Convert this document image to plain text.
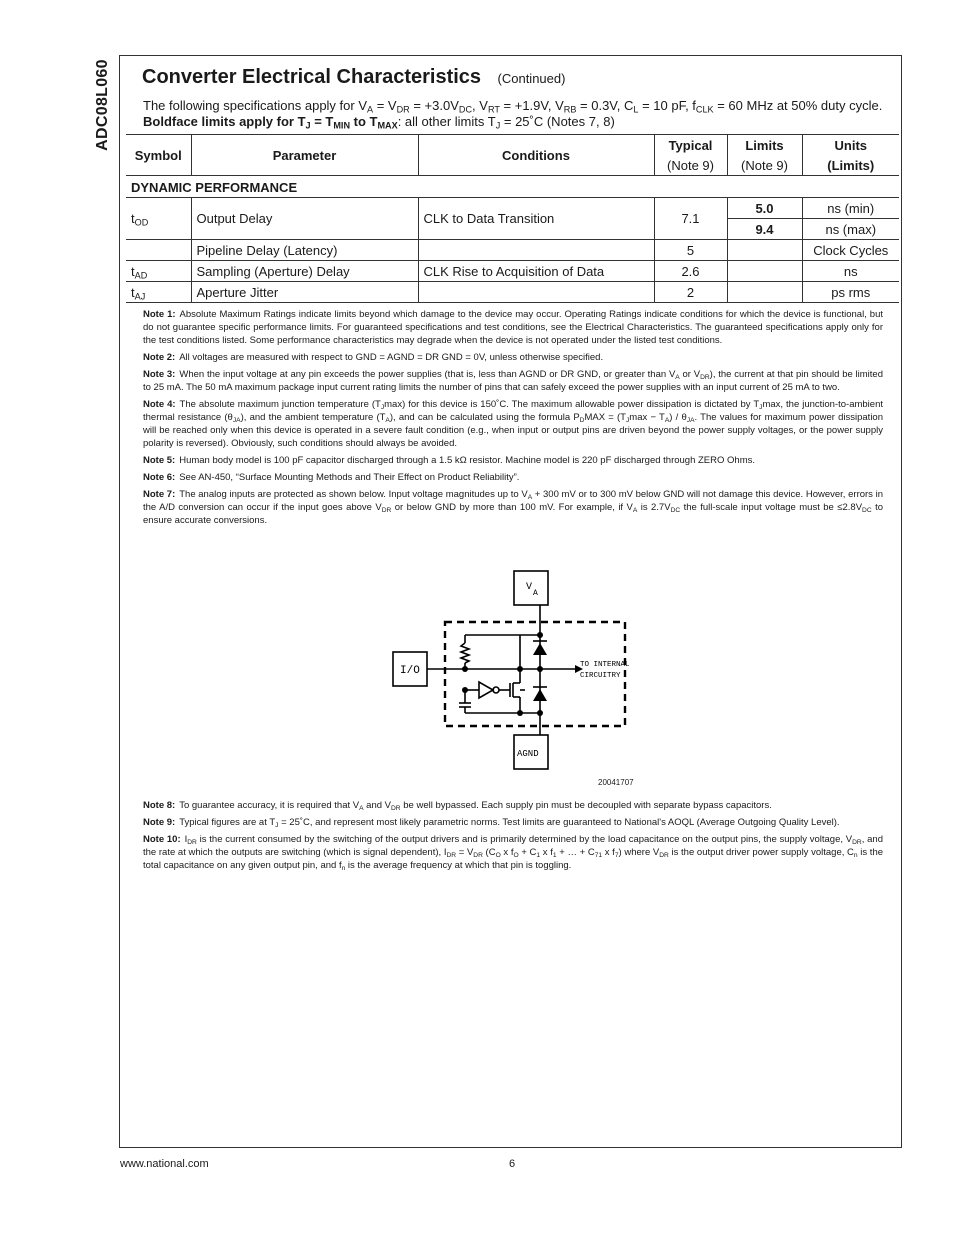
ADC08L060 Converter Electrical Characteristics (Continued)
The following specifications apply for $V_A = V_{DR} = +3.0V_{DC}$, $V_{RT} = +1.9V$, $V_{RB} = 0.3V$, $C_L = 10$ pF, $f_{CLK} = 60$ MHz at 50% duty cycle. Boldface limits apply for $T_J = T_{MIN}$ to $T_{MAX}$: all other limits $T_J$ = 25˚C (Notes 7, 8)
Symbol	Parameter	Conditions	Typical	Limits	Units
			(Note 9)	(Note 9)	(Limits)
DYNAMIC PERFORMANCE					
$t_{OD}$	Output Delay	CLK to Data Transition	7.1	5.0	ns (min)
				9.4	ns (max)
	Pipeline Delay (Latency)		5		Clock Cycles
$t_{AD}$	Sampling (Aperture) Delay	CLK Rise to Acquisition of Data	2.6		ns
$t_{AJ}$	Aperture Jitter		2		ps rms

Note 1: Absolute Maximum Ratings indicate limits beyond which damage to the device may occur. Operating Ratings indicate conditions for which the device is functional, but do not guarantee specific performance limits. For guaranteed specifications and test conditions, see the Electrical Characteristics. The guaranteed specifications apply only for the test conditions listed. Some performance characteristics may degrade when the device is not operated under the listed test conditions.

Note 2: All voltages are measured with respect to GND = AGND = DR GND = 0V, unless otherwise specified.

Note 3: When the input voltage at any pin exceeds the power supplies (that is, less than AGND or DR GND, or greater than $V_A$ or $V_{DR}$), the current at that pin should be limited to 25 mA. The 50 mA maximum package input current rating limits the number of pins that can safely exceed the power supplies with an input current of 25 mA to two.

Note 4: The absolute maximum junction temperature $(T_J\max)$ for this device is 150˚C. The maximum allowable power dissipation is dictated by $T_J\max$, the junction-to-ambient thermal resistance $(\theta_{JA})$, and the ambient temperature $(T_A)$, and can be calculated using the formula $P_DMAX = (T_J\max - T_A) / \theta_{JA}$. The values for maximum power dissipation will be reached only when this device is operated in a severe fault condition (e.g., when input or output pins are driven beyond the power supply voltages, or the power supply polarity is reversed). Obviously, such conditions should always be avoided.

Note 5: Human body model is 100 pF capacitor discharged through a 1.5 kΩ resistor. Machine model is 220 pF discharged through ZERO Ohms.

Note 6: See AN-450, “Surface Mounting Methods and Their Effect on Product Reliability”.

Note 7: The analog inputs are protected as shown below. Input voltage magnitudes up to $V_A + 300$ mV or to 300 mV below GND will not damage this device. However, errors in the A/D conversion can occur if the input goes above $V_{DR}$ or below GND by more than 100 mV. For example, if $V_A$ is $2.7V_{DC}$ the full-scale input voltage must be $\le 2.8V_{DC}$ to ensure accurate conversions.

V
A
I/O	TO INTERNAL
CIRCUITRY
AGND
20041707

Note 8: To guarantee accuracy, it is required that $V_A$ and $V_{DR}$ be well bypassed. Each supply pin must be decoupled with separate bypass capacitors.

Note 9: Typical figures are at $T_J$ = 25˚C, and represent most likely parametric norms. Test limits are guaranteed to National's AOQL (Average Outgoing Quality Level).

Note 10: $I_{DR}$ is the current consumed by the switching of the output drivers and is primarily determined by the load capacitance on the output pins, the supply voltage, $V_{DR}$, and the rate at which the outputs are switching (which is signal dependent), $I_{DR} = V_{DR}$ ($C_O$ x $f_O + C_1$ x $f_1$ + … + $C_{71}$ x $f_7$) where $V_{DR}$ is the output driver power supply voltage, $C_n$ is the total capacitance on any given output pin, and $f_n$ is the average frequency at which that pin is toggling.

www.national.com	6
